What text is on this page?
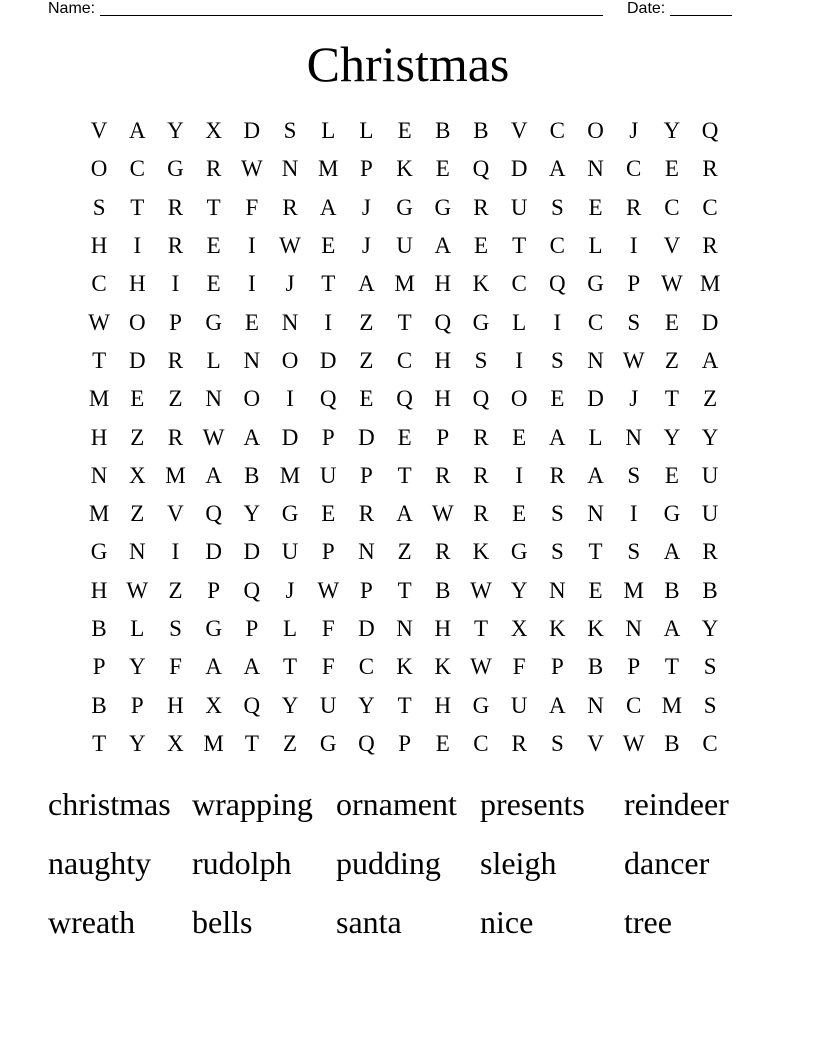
Name:	Date:
Christmas
V A Y X D	S	L	L	E	B B V C O	J	Y Q
O C G R W N M P	K E Q D A N C	E	R
S	T	R	T	F	R A	J	G G R U	S	E	R C C
H	I	R	E	I	W E	J	U A E	T	C	L	I	V R
C H	I	E	I	J	T A M H K C Q G	P W M
W O	P	G E N	I	Z	T Q G L	I	C	S	E D
T D R	L N O D Z	C H	S	I	S	N W Z A
M E	Z N O	I	Q E Q H Q O E D	J	T	Z
H Z	R W A D	P	D E	P	R	E A L N Y Y
N X M A B M U	P	T	R R	I	R A	S	E U
M Z V Q Y G E	R A W R	E	S	N	I	G U
G N	I	D D U	P	N Z	R K G	S	T	S	A R
H W Z	P	Q	J W P	T	B W Y N E M B B
B	L	S	G	P	L	F	D N H T X K K N A Y
P	Y	F	A A T	F	C K K W F	P	B	P	T	S
B	P	H X Q Y U Y T H G U A N C M S
T Y X M T	Z G Q	P	E	C R	S	V W B C
christmas wrapping ornament presents	reindeer
naughty	rudolph	pudding	sleigh	dancer
wreath	bells	santa	nice	tree
